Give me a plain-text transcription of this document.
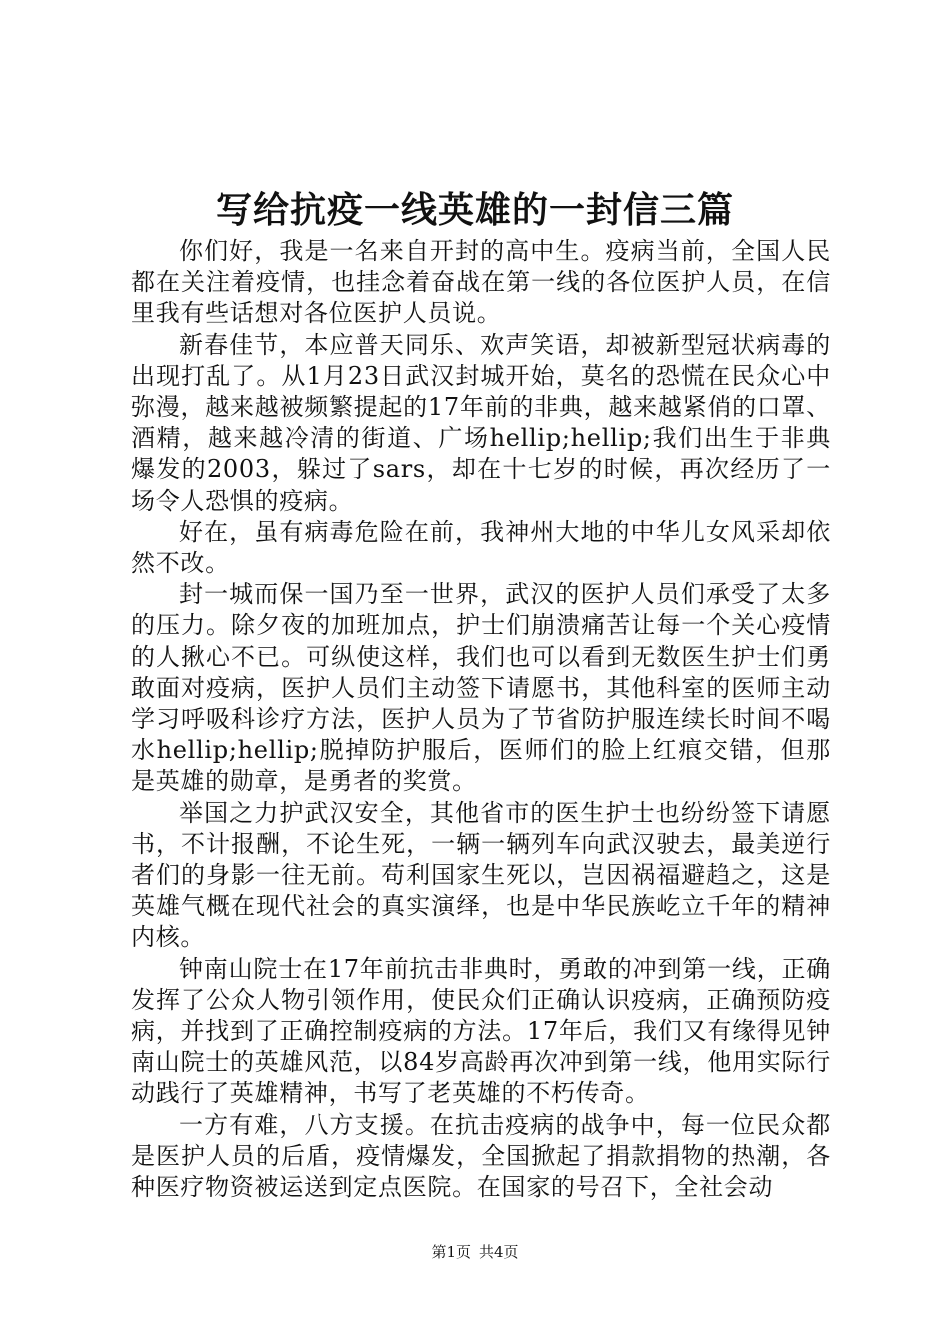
写给抗疫一线英雄的一封信三篇

你们好，我是一名来自开封的高中生。疫病当前，全国人民都在关注着疫情，也挂念着奋战在第一线的各位医护人员，在信里我有些话想对各位医护人员说。

新春佳节，本应普天同乐、欢声笑语，却被新型冠状病毒的出现打乱了。从1月23日武汉封城开始，莫名的恐慌在民众心中弥漫，越来越被频繁提起的17年前的非典，越来越紧俏的口罩、酒精，越来越冷清的街道、广场hellip;hellip;我们出生于非典爆发的2003，躲过了sars，却在十七岁的时候，再次经历了一场令人恐惧的疫病。

好在，虽有病毒危险在前，我神州大地的中华儿女风采却依然不改。

封一城而保一国乃至一世界，武汉的医护人员们承受了太多的压力。除夕夜的加班加点，护士们崩溃痛苦让每一个关心疫情的人揪心不已。可纵使这样，我们也可以看到无数医生护士们勇敢面对疫病，医护人员们主动签下请愿书，其他科室的医师主动学习呼吸科诊疗方法，医护人员为了节省防护服连续长时间不喝水hellip;hellip;脱掉防护服后，医师们的脸上红痕交错，但那是英雄的勋章，是勇者的奖赏。

举国之力护武汉安全，其他省市的医生护士也纷纷签下请愿书，不计报酬，不论生死，一辆一辆列车向武汉驶去，最美逆行者们的身影一往无前。苟利国家生死以，岂因祸福避趋之，这是英雄气概在现代社会的真实演绎，也是中华民族屹立千年的精神内核。

钟南山院士在17年前抗击非典时，勇敢的冲到第一线，正确发挥了公众人物引领作用，使民众们正确认识疫病，正确预防疫病，并找到了正确控制疫病的方法。17年后，我们又有缘得见钟南山院士的英雄风范，以84岁高龄再次冲到第一线，他用实际行动践行了英雄精神，书写了老英雄的不朽传奇。

一方有难，八方支援。在抗击疫病的战争中，每一位民众都是医护人员的后盾，疫情爆发，全国掀起了捐款捐物的热潮，各种医疗物资被运送到定点医院。在国家的号召下，全社会动

第1页 共4页
